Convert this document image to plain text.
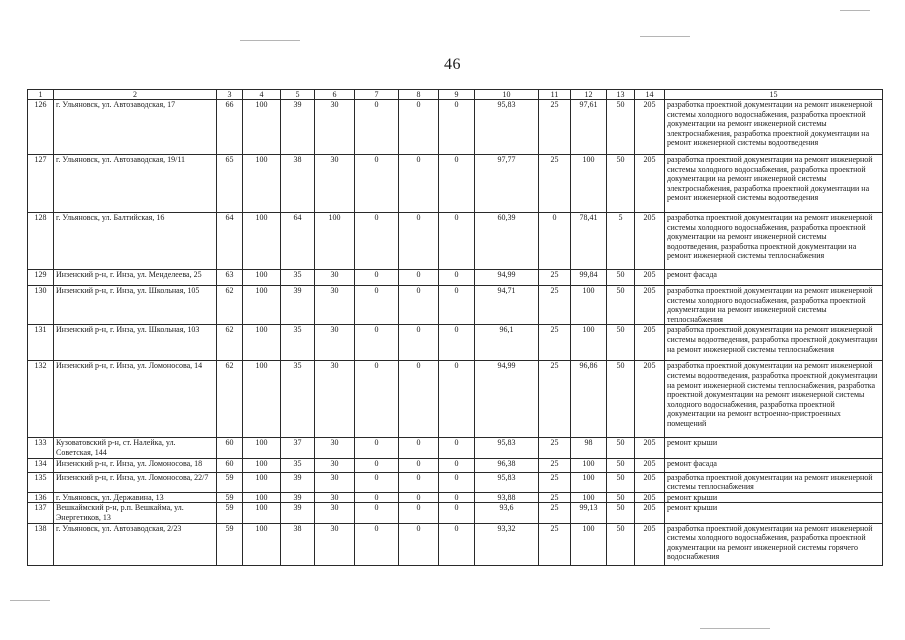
46
1	2	3	4	5	6	7	8	9	10	11	12	13	14	15
126	г. Ульяновск, ул. Автозаводская, 17	66	100	39	30	0	0	0	95,83	25	97,61	50	205	разработка проектной документации на ремонт инженерной системы холодного водоснабжения, разработка проектной документации на ремонт инженерной системы электроснабжения, разработка проектной документации на ремонт инженерной системы водоотведения
127	г. Ульяновск, ул. Автозаводская, 19/11	65	100	38	30	0	0	0	97,77	25	100	50	205	разработка проектной документации на ремонт инженерной системы холодного водоснабжения, разработка проектной документации на ремонт инженерной системы электроснабжения, разработка проектной документации на ремонт инженерной системы водоотведения
128	г. Ульяновск, ул. Балтийская, 16	64	100	64	100	0	0	0	60,39	0	78,41	5	205	разработка проектной документации на ремонт инженерной системы холодного водоснабжения, разработка проектной документации на ремонт инженерной системы водоотведения, разработка проектной документации на ремонт инженерной системы теплоснабжения
129	Инзенский р-н, г. Инза, ул. Менделеева, 25	63	100	35	30	0	0	0	94,99	25	99,84	50	205	ремонт фасада
130	Инзенский р-н, г. Инза, ул. Школьная, 105	62	100	39	30	0	0	0	94,71	25	100	50	205	разработка проектной документации на ремонт инженерной системы холодного водоснабжения, разработка проектной документации на ремонт инженерной системы теплоснабжения
131	Инзенский р-н, г. Инза, ул. Школьная, 103	62	100	35	30	0	0	0	96,1	25	100	50	205	разработка проектной документации на ремонт инженерной системы водоотведения, разработка проектной документации на ремонт инженерной системы теплоснабжения
132	Инзенский р-н, г. Инза, ул. Ломоносова, 14	62	100	35	30	0	0	0	94,99	25	96,86	50	205	разработка проектной документации на ремонт инженерной системы водоотведения, разработка проектной документации на ремонт инженерной системы теплоснабжения, разработка проектной документации на ремонт инженерной системы холодного водоснабжения, разработка проектной документации на ремонт встроенно-пристроенных помещений
133	Кузоватовский р-н, ст. Налейка, ул. Советская, 144	60	100	37	30	0	0	0	95,83	25	98	50	205	ремонт крыши
134	Инзенский р-н, г. Инза, ул. Ломоносова, 18	60	100	35	30	0	0	0	96,38	25	100	50	205	ремонт фасада
135	Инзенский р-н, г. Инза, ул. Ломоносова, 22/7	59	100	39	30	0	0	0	95,83	25	100	50	205	разработка проектной документации на ремонт инженерной системы теплоснабжения
136	г. Ульяновск, ул. Державина, 13	59	100	39	30	0	0	0	93,88	25	100	50	205	ремонт крыши
137	Вешкаймский р-н, р.п. Вешкайма, ул. Энергетиков, 13	59	100	39	30	0	0	0	93,6	25	99,13	50	205	ремонт крыши
138	г. Ульяновск, ул. Автозаводская, 2/23	59	100	38	30	0	0	0	93,32	25	100	50	205	разработка проектной документации на ремонт инженерной системы холодного водоснабжения, разработка проектной документации на ремонт инженерной системы горячего водоснабжения
